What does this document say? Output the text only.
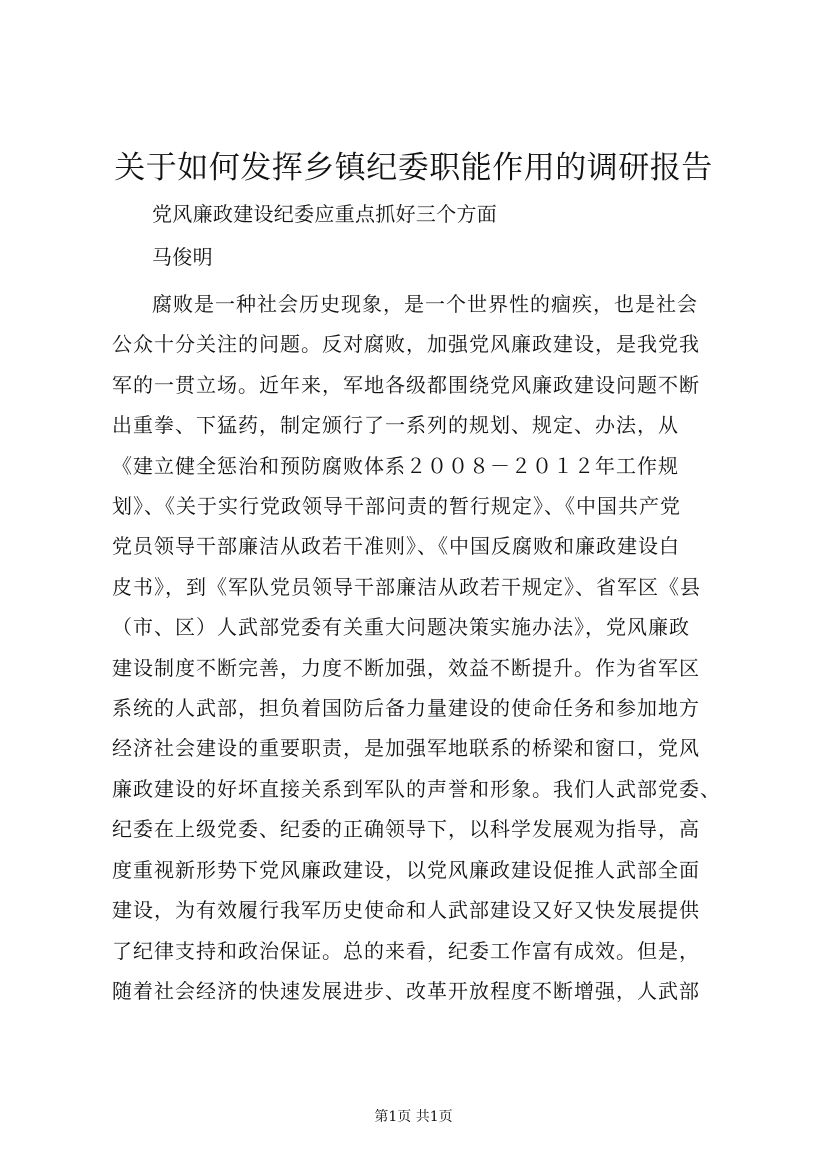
关于如何发挥乡镇纪委职能作用的调研报告
党风廉政建设纪委应重点抓好三个方面
马俊明
腐败是一种社会历史现象，是一个世界性的痼疾，也是社会
公众十分关注的问题。反对腐败，加强党风廉政建设，是我党我
军的一贯立场。近年来，军地各级都围绕党风廉政建设问题不断
出重拳、下猛药，制定颁行了一系列的规划、规定、办法，从
《建立健全惩治和预防腐败体系２００８－２０１２年工作规
划》、《关于实行党政领导干部问责的暂行规定》、《中国共产党
党员领导干部廉洁从政若干准则》、《中国反腐败和廉政建设白
皮书》，到《军队党员领导干部廉洁从政若干规定》、省军区《县
（市、区）人武部党委有关重大问题决策实施办法》，党风廉政
建设制度不断完善，力度不断加强，效益不断提升。作为省军区
系统的人武部，担负着国防后备力量建设的使命任务和参加地方
经济社会建设的重要职责，是加强军地联系的桥梁和窗口，党风
廉政建设的好坏直接关系到军队的声誉和形象。我们人武部党委、
纪委在上级党委、纪委的正确领导下，以科学发展观为指导，高
度重视新形势下党风廉政建设，以党风廉政建设促推人武部全面
建设，为有效履行我军历史使命和人武部建设又好又快发展提供
了纪律支持和政治保证。总的来看，纪委工作富有成效。但是，
随着社会经济的快速发展进步、改革开放程度不断增强，人武部
第1页 共1页
